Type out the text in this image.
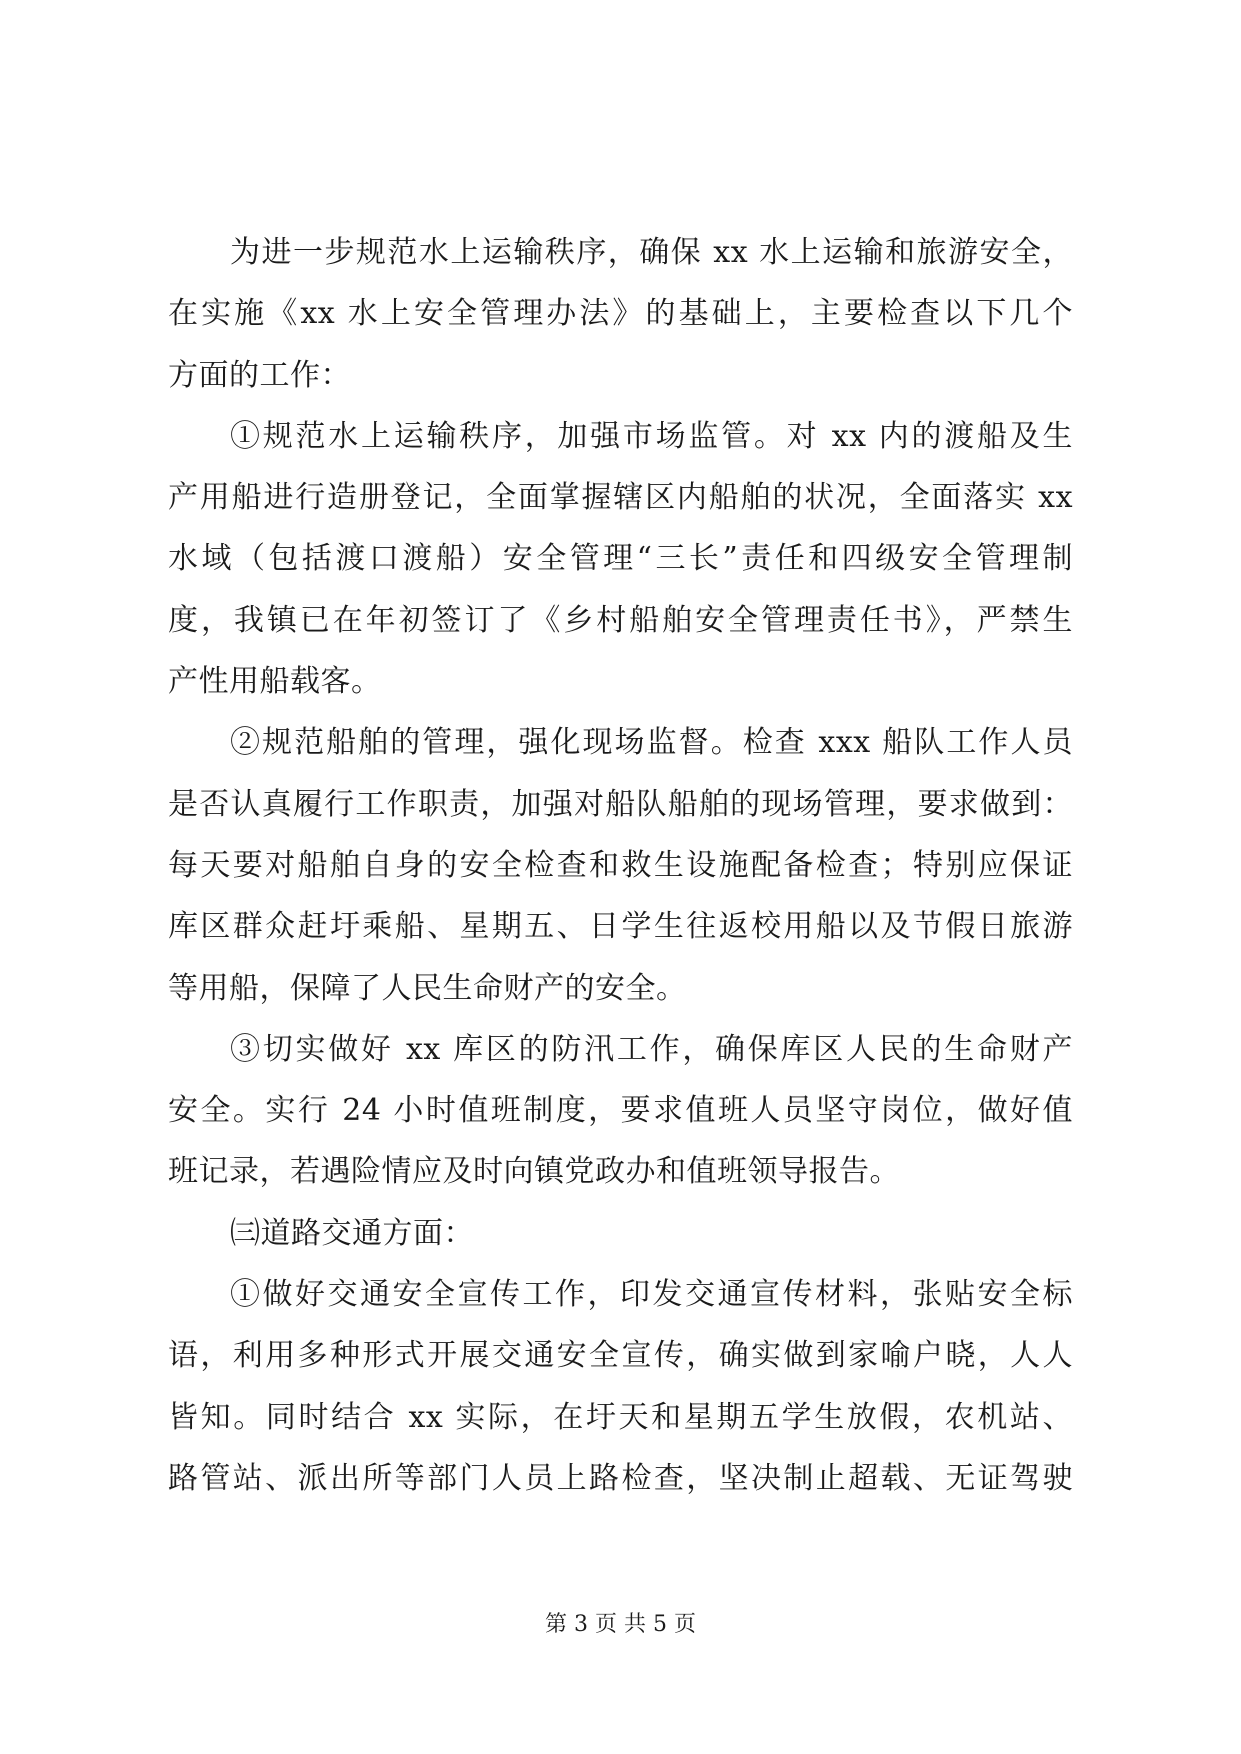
为进一步规范水上运输秩序，确保 xx 水上运输和旅游安全，
在实施《xx 水上安全管理办法》的基础上，主要检查以下几个
方面的工作：
①规范水上运输秩序，加强市场监管。对 xx 内的渡船及生
产用船进行造册登记，全面掌握辖区内船舶的状况，全面落实 xx
水域（包括渡口渡船）安全管理“三长”责任和四级安全管理制
度，我镇已在年初签订了《乡村船舶安全管理责任书》，严禁生
产性用船载客。
②规范船舶的管理，强化现场监督。检查 xxx 船队工作人员
是否认真履行工作职责，加强对船队船舶的现场管理，要求做到：
每天要对船舶自身的安全检查和救生设施配备检查；特别应保证
库区群众赶圩乘船、星期五、日学生往返校用船以及节假日旅游
等用船，保障了人民生命财产的安全。
③切实做好 xx 库区的防汛工作，确保库区人民的生命财产
安全。实行 24 小时值班制度，要求值班人员坚守岗位，做好值
班记录，若遇险情应及时向镇党政办和值班领导报告。
㈢道路交通方面：
①做好交通安全宣传工作，印发交通宣传材料，张贴安全标
语，利用多种形式开展交通安全宣传，确实做到家喻户晓，人人
皆知。同时结合 xx 实际，在圩天和星期五学生放假，农机站、
路管站、派出所等部门人员上路检查，坚决制止超载、无证驾驶
第 3 页 共 5 页
